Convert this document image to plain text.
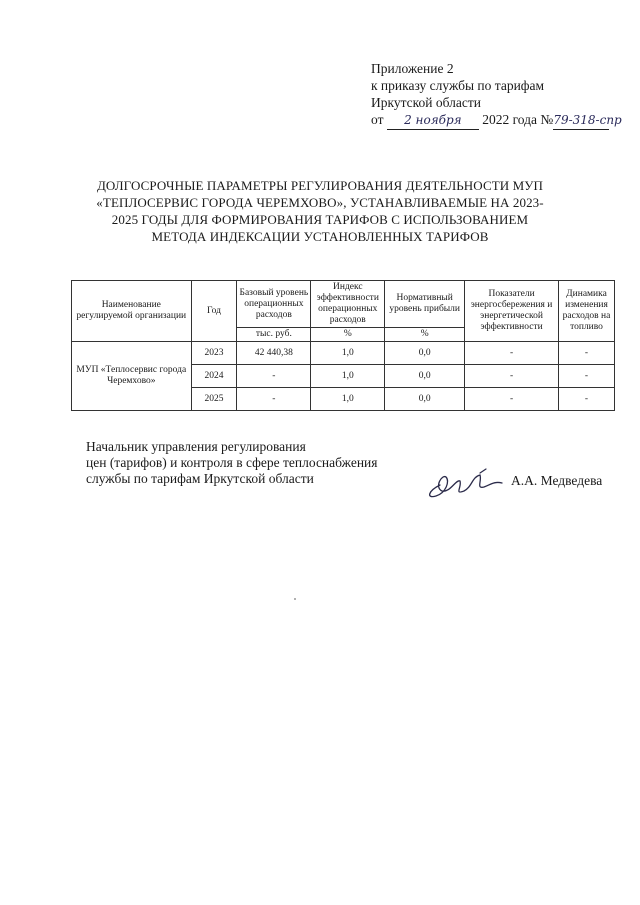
Приложение 2
к приказу службы по тарифам
Иркутской области
от 2 ноября 2022 года №79-318-спр
ДОЛГОСРОЧНЫЕ ПАРАМЕТРЫ РЕГУЛИРОВАНИЯ ДЕЯТЕЛЬНОСТИ МУП «ТЕПЛОСЕРВИС ГОРОДА ЧЕРЕМХОВО», УСТАНАВЛИВАЕМЫЕ НА 2023-2025 ГОДЫ ДЛЯ ФОРМИРОВАНИЯ ТАРИФОВ С ИСПОЛЬЗОВАНИЕМ МЕТОДА ИНДЕКСАЦИИ УСТАНОВЛЕННЫХ ТАРИФОВ
Наименование регулируемой организации	Год	Базовый уровень операционных расходов	Индекс эффективности операционных расходов	Нормативный уровень прибыли	Показатели энергосбережения и энергетической эффективности	Динамика изменения расходов на топливо
		тыс. руб.	%	%		
МУП «Теплосервис города Черемхово»	2023	42 440,38	1,0	0,0	-	-
	2024	-	1,0	0,0	-	-
	2025	-	1,0	0,0	-	-
Начальник управления регулирования
цен (тарифов) и контроля в сфере теплоснабжения
службы по тарифам Иркутской области	А.А. Медведева
